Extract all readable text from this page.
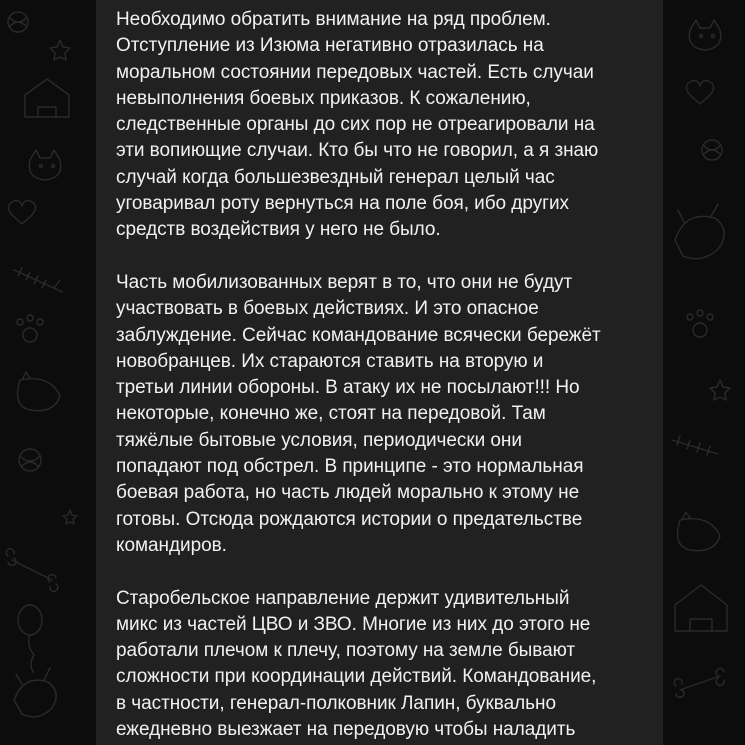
Необходимо обратить внимание на ряд проблем.
Отступление из Изюма негативно отразилась на
моральном состоянии передовых частей. Есть случаи
невыполнения боевых приказов. К сожалению,
следственные органы до сих пор не отреагировали на
эти вопиющие случаи. Кто бы что не говорил, а я знаю
случай когда большезвездный генерал целый час
уговаривал роту вернуться на поле боя, ибо других
средств воздействия у него не было.
Часть мобилизованных верят в то, что они не будут
участвовать в боевых действиях. И это опасное
заблуждение. Сейчас командование всячески бережёт
новобранцев. Их стараются ставить на вторую и
третьи линии обороны. В атаку их не посылают!!! Но
некоторые, конечно же, стоят на передовой. Там
тяжёлые бытовые условия, периодически они
попадают под обстрел. В принципе - это нормальная
боевая работа, но часть людей морально к этому не
готовы. Отсюда рождаются истории о предательстве
командиров.
Старобельское направление держит удивительный
микс из частей ЦВО и ЗВО. Многие из них до этого не
работали плечом к плечу, поэтому на земле бывают
сложности при координации действий. Командование,
в частности, генерал-полковник Лапин, буквально
ежедневно выезжает на передовую чтобы наладить
